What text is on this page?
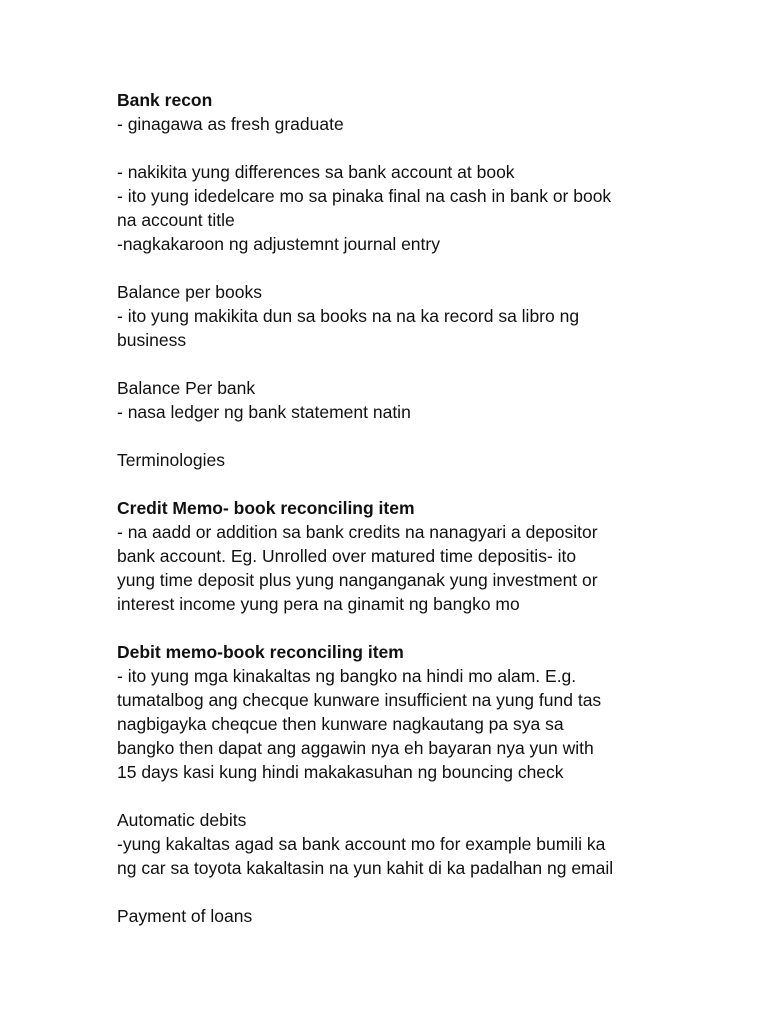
Bank recon
- ginagawa as fresh graduate
- nakikita yung differences sa bank account at book
- ito yung idedelcare mo sa pinaka final na cash in bank or book
na account title
-nagkakaroon ng adjustemnt journal entry
Balance per books
- ito yung makikita dun sa books na na ka record sa libro ng
business
Balance Per bank
- nasa ledger ng bank statement natin
Terminologies
Credit Memo- book reconciling item
- na aadd or addition sa bank credits na nanagyari a depositor
bank account. Eg. Unrolled over matured time depositis- ito
yung time deposit plus yung nanganganak yung investment or
interest income yung pera na ginamit ng bangko mo
Debit memo-book reconciling item
- ito yung mga kinakaltas ng bangko na hindi mo alam. E.g.
tumatalbog ang checque kunware insufficient na yung fund tas
nagbigayka cheqcue then kunware nagkautang pa sya sa
bangko then dapat ang aggawin nya eh bayaran nya yun with
15 days kasi kung hindi makakasuhan ng bouncing check
Automatic debits
-yung kakaltas agad sa bank account mo for example bumili ka
ng car sa toyota kakaltasin na yun kahit di ka padalhan ng email
Payment of loans
